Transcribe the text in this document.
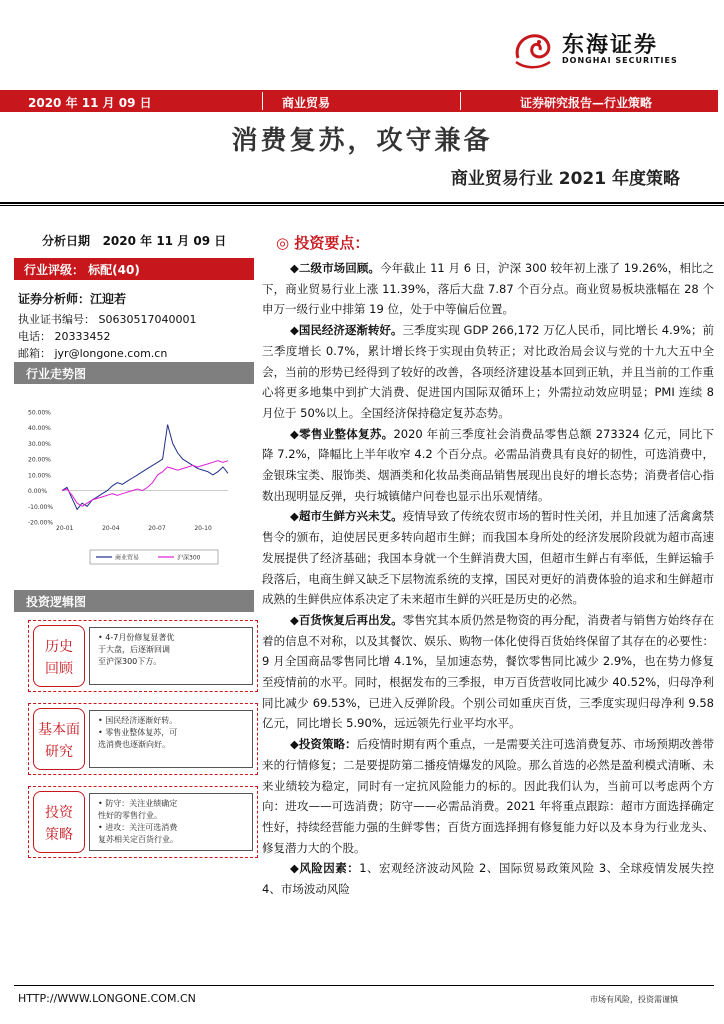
东海证券
DONGHAI SECURITIES
2020 年 11 月 09 日	商业贸易	证券研究报告—行业策略
消费复苏，攻守兼备
商业贸易行业 2021 年度策略
分析日期 2020 年 11 月 09 日
行业评级： 标配(40)
证券分析师：江迎若
执业证书编号： S0630517040001
电话： 20333452
邮箱： jyr@longone.com.cn
行业走势图
50.00%
40.00%
30.00%
20.00%
10.00%
0.00%
-10.00%
-20.00%
20-01	20-04	20-07	20-10
商业贸易	沪深300
投资逻辑图
历史
回顾
• 4-7月份修复显著优
于大盘，后逐渐回调
至沪深300下方。
基本面
研究
• 国民经济逐渐好转。
• 零售业整体复苏，可
选消费也逐渐向好。
投资
策略
• 防守：关注业绩确定
性好的零售行业。
• 进攻：关注可选消费
复苏相关定百货行业。
◎ 投资要点：

◆二级市场回顾。今年截止 11 月 6 日，沪深 300 较年初上涨了 19.26%，相比之下，商业贸易行业上涨 11.39%，落后大盘 7.87 个百分点。商业贸易板块涨幅在 28 个申万一级行业中排第 19 位，处于中等偏后位置。

◆国民经济逐渐转好。三季度实现 GDP 266,172 万亿人民币，同比增长 4.9%；前三季度增长 0.7%，累计增长终于实现由负转正；对比政治局会议与党的十九大五中全会，当前的形势已经得到了较好的改善，各项经济建设基本回到正轨，并且当前的工作重心将更多地集中到扩大消费、促进国内国际双循环上；外需拉动效应明显；PMI 连续 8 月位于 50%以上。全国经济保持稳定复苏态势。

◆零售业整体复苏。2020 年前三季度社会消费品零售总额 273324 亿元，同比下降 7.2%，降幅比上半年收窄 4.2 个百分点。必需品消费具有良好的韧性，可选消费中，金银珠宝类、服饰类、烟酒类和化妆品类商品销售展现出良好的增长态势；消费者信心指数出现明显反弹，央行城镇储户问卷也显示出乐观情绪。

◆超市生鲜方兴未艾。疫情导致了传统农贸市场的暂时性关闭，并且加速了活禽禽禁售令的颁布，迫使居民更多转向超市生鲜；而我国本身所处的经济发展阶段就为超市高速发展提供了经济基础；我国本身就一个生鲜消费大国，但超市生鲜占有率低，生鲜运输手段落后，电商生鲜又缺乏下层物流系统的支撑，国民对更好的消费体验的追求和生鲜超市成熟的生鲜供应体系决定了未来超市生鲜的兴旺是历史的必然。

◆百货恢复后再出发。零售究其本质仍然是物资的再分配，消费者与销售方始终存在着的信息不对称，以及其餐饮、娱乐、购物一体化使得百货始终保留了其存在的必要性：9 月全国商品零售同比增 4.1%，呈加速态势，餐饮零售同比减少 2.9%，也在势力修复至疫情前的水平。同时，根据发布的三季报，申万百货营收同比减少 40.52%，归母净利同比减少 69.53%，已进入反弹阶段。个别公司如重庆百货，三季度实现归母净利 9.58 亿元，同比增长 5.90%，远远领先行业平均水平。

◆投资策略：后疫情时期有两个重点，一是需要关注可选消费复苏、市场预期改善带来的行情修复；二是要提防第二播疫情爆发的风险。那么首选的必然是盈利模式清晰、未来业绩较为稳定，同时有一定抗风险能力的标的。因此我们认为，当前可以考虑两个方向：进攻——可选消费；防守——必需品消费。2021 年将重点跟踪：超市方面选择确定性好，持续经营能力强的生鲜零售；百货方面选择拥有修复能力好以及本身为行业龙头、修复潜力大的个股。

◆风险因素：1、宏观经济波动风险 2、国际贸易政策风险 3、全球疫情发展失控 4、市场波动风险

HTTP://WWW.LONGONE.COM.CN	市场有风险，投资需谨慎
